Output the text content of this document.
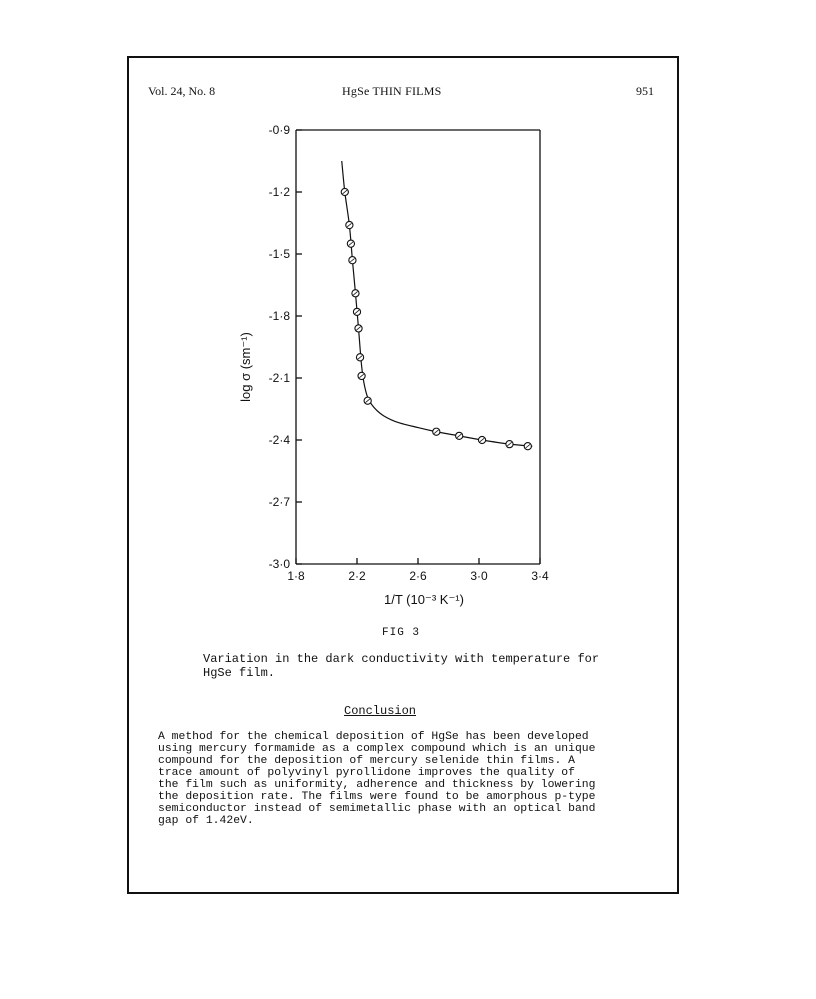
Vol. 24, No. 8	HgSe THIN FILMS	951
-0·9
-1·2
-1·5
-1·8
-2·1
-2·4
-2·7
-3·0
1·8	2·2	2·6	3·0	3·4
log σ (sm⁻¹)
1/T (10⁻³ K⁻¹)
FIG 3
Variation in the dark conductivity with temperature for
HgSe film.
Conclusion
A method for the chemical deposition of HgSe has been developed
using mercury formamide as a complex compound which is an unique
compound for the deposition of mercury selenide thin films. A
trace amount of polyvinyl pyrollidone improves the quality of
the film such as uniformity, adherence and thickness by lowering
the deposition rate. The films were found to be amorphous p-type
semiconductor instead of semimetallic phase with an optical band
gap of 1.42eV.
